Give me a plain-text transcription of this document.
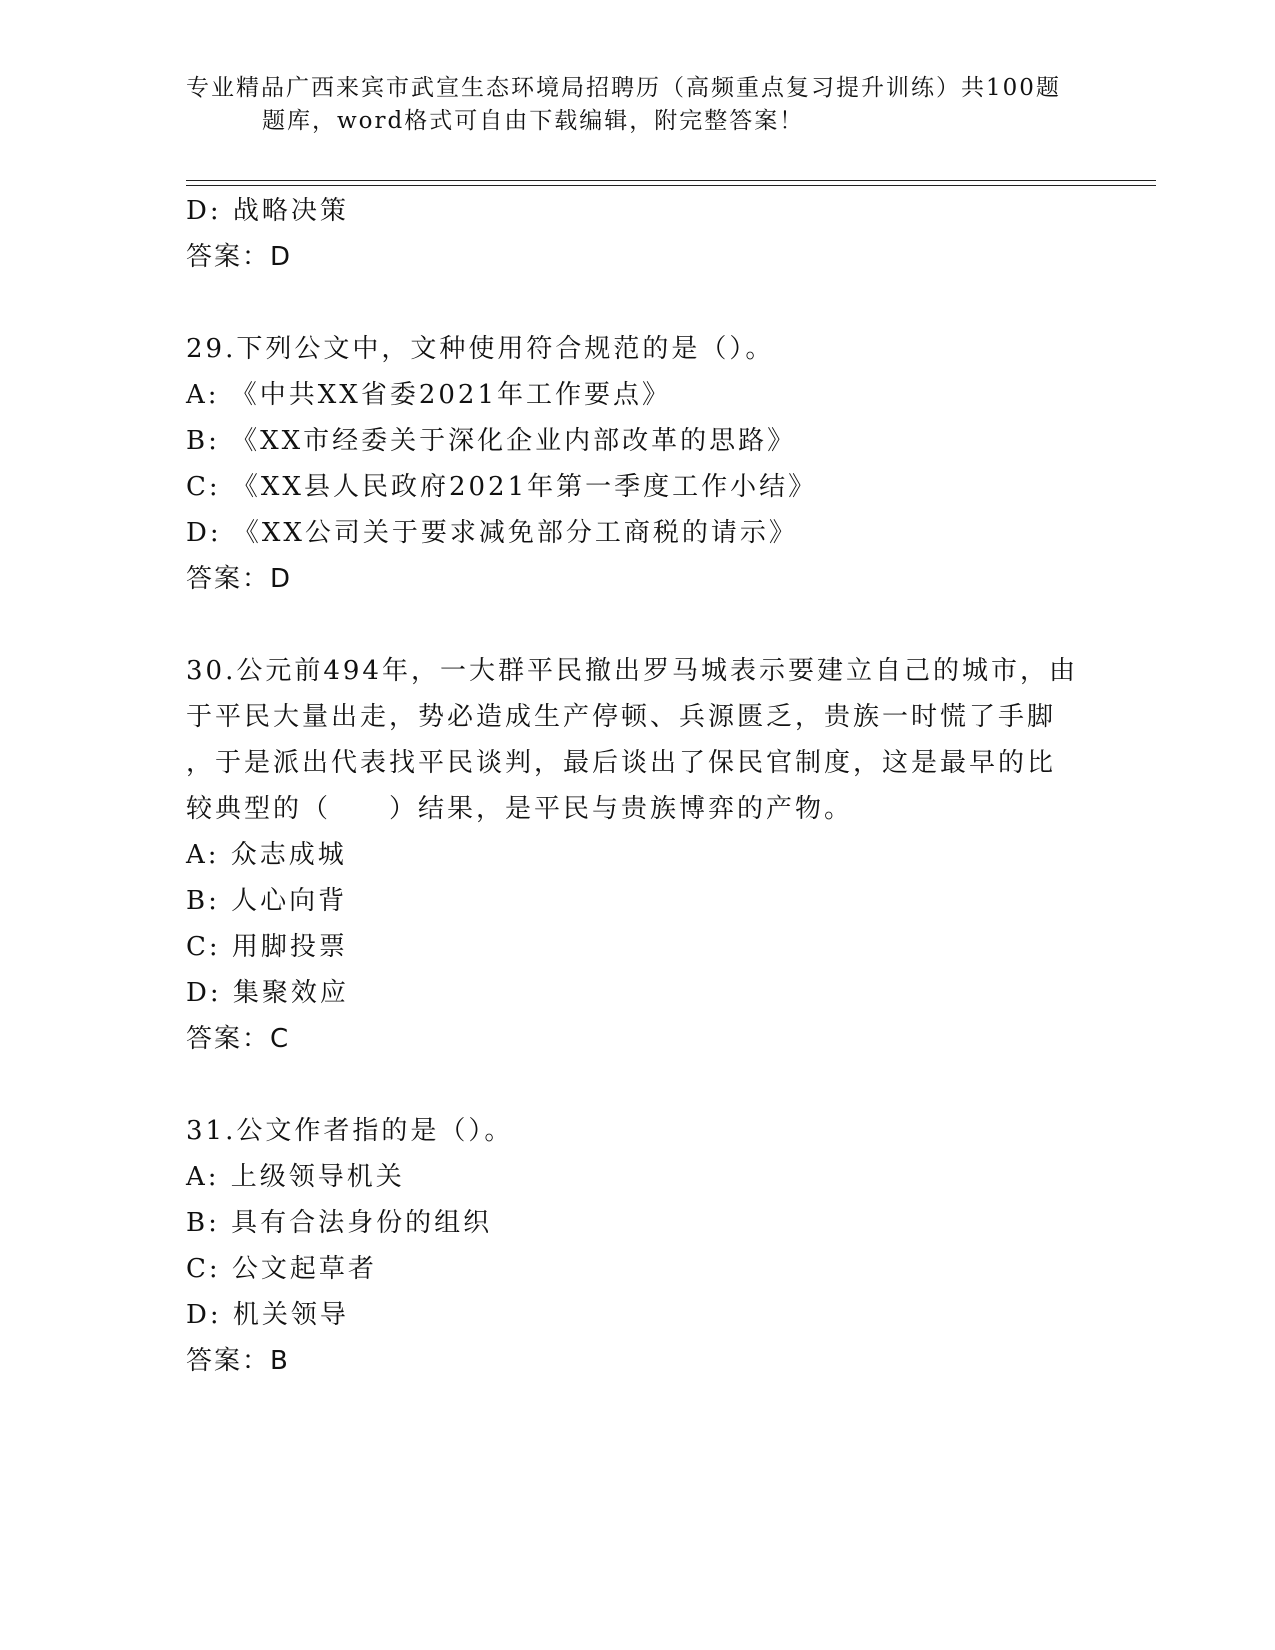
专业精品广西来宾市武宣生态环境局招聘历（高频重点复习提升训练）共100题
题库，word格式可自由下载编辑，附完整答案！
D: 战略决策
答案：D
29.下列公文中，文种使用符合规范的是（）。
A: 《中共XX省委2021年工作要点》
B: 《XX市经委关于深化企业内部改革的思路》
C: 《XX县人民政府2021年第一季度工作小结》
D: 《XX公司关于要求减免部分工商税的请示》
答案：D
30.公元前494年，一大群平民撤出罗马城表示要建立自己的城市，由
于平民大量出走，势必造成生产停顿、兵源匮乏，贵族一时慌了手脚
，于是派出代表找平民谈判，最后谈出了保民官制度，这是最早的比
较典型的（　　）结果，是平民与贵族博弈的产物。
A: 众志成城
B: 人心向背
C: 用脚投票
D: 集聚效应
答案：C
31.公文作者指的是（）。
A: 上级领导机关
B: 具有合法身份的组织
C: 公文起草者
D: 机关领导
答案：B
